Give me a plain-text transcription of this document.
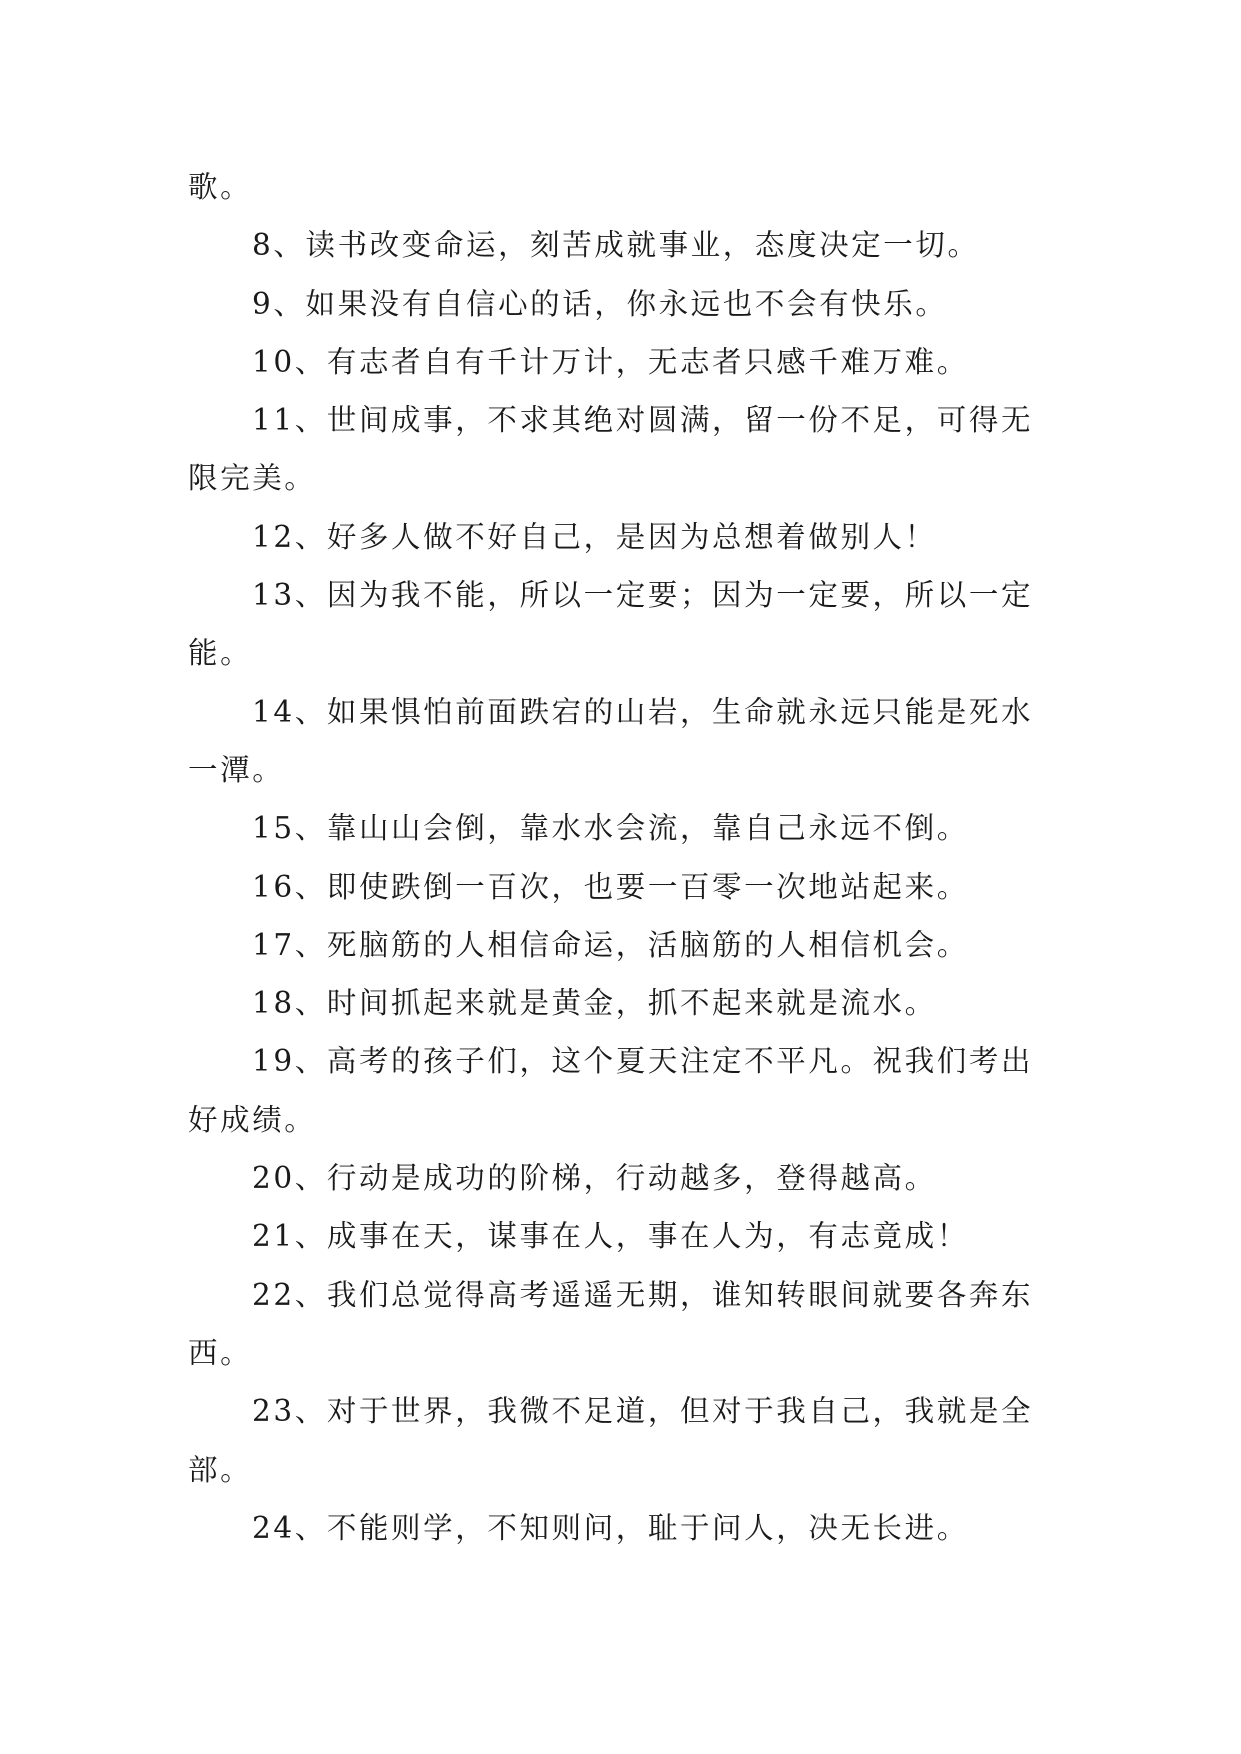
歌。
8、读书改变命运，刻苦成就事业，态度决定一切。
9、如果没有自信心的话，你永远也不会有快乐。
10、有志者自有千计万计，无志者只感千难万难。
11、世间成事，不求其绝对圆满，留一份不足，可得无
限完美。
12、好多人做不好自己，是因为总想着做别人！
13、因为我不能，所以一定要；因为一定要，所以一定
能。
14、如果惧怕前面跌宕的山岩，生命就永远只能是死水
一潭。
15、靠山山会倒，靠水水会流，靠自己永远不倒。
16、即使跌倒一百次，也要一百零一次地站起来。
17、死脑筋的人相信命运，活脑筋的人相信机会。
18、时间抓起来就是黄金，抓不起来就是流水。
19、高考的孩子们，这个夏天注定不平凡。祝我们考出
好成绩。
20、行动是成功的阶梯，行动越多，登得越高。
21、成事在天，谋事在人，事在人为，有志竟成！
22、我们总觉得高考遥遥无期，谁知转眼间就要各奔东
西。
23、对于世界，我微不足道，但对于我自己，我就是全
部。
24、不能则学，不知则问，耻于问人，决无长进。
